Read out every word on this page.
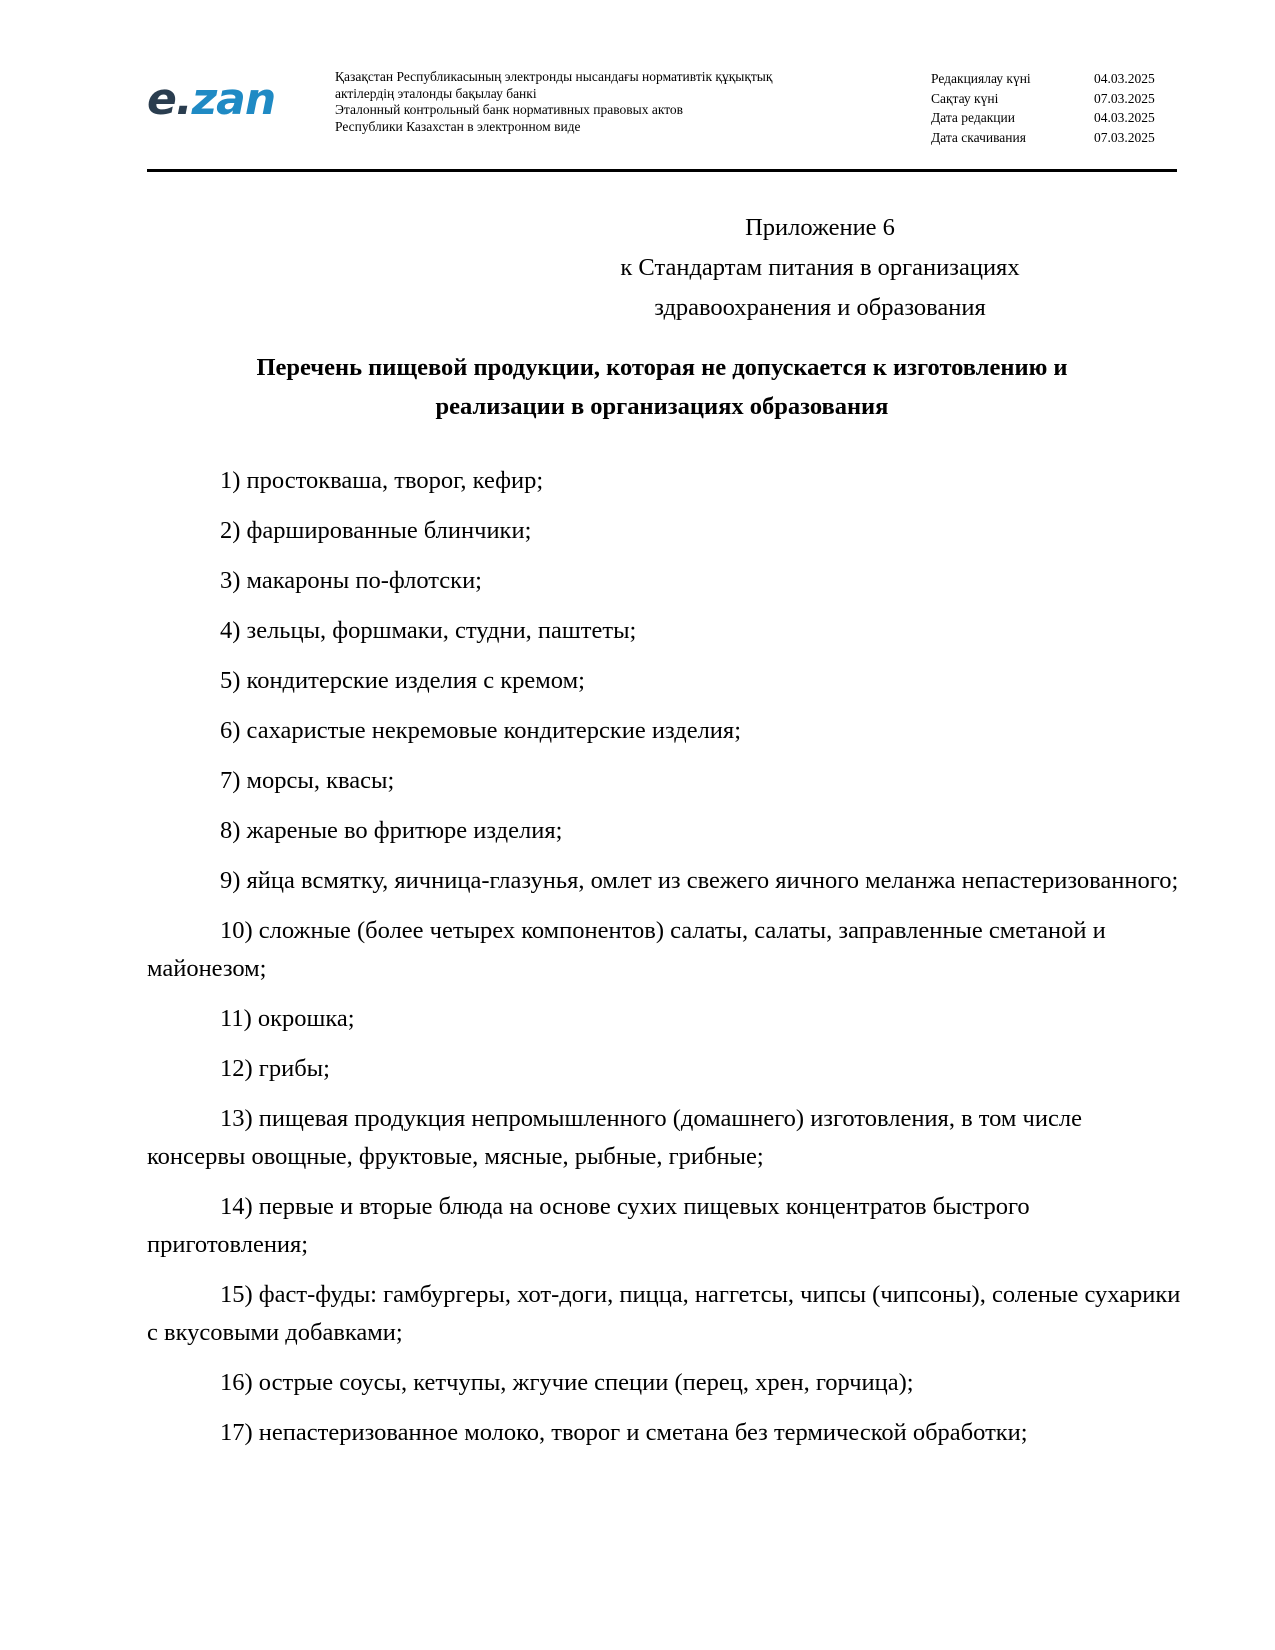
e.zan	Қазақстан Республикасының электронды нысандағы нормативтік құқықтық
актілердің эталонды бақылау банкі
Эталонный контрольный банк нормативных правовых актов
Республики Казахстан в электронном виде
Редакциялау күні	04.03.2025
Сақтау күні	07.03.2025
Дата редакции	04.03.2025
Дата скачивания	07.03.2025
Приложение 6
к Стандартам питания в организациях
здравоохранения и образования
Перечень пищевой продукции, которая не допускается к изготовлению и
реализации в организациях образования
1) простокваша, творог, кефир;
2) фаршированные блинчики;
3) макароны по-флотски;
4) зельцы, форшмаки, студни, паштеты;
5) кондитерские изделия с кремом;
6) сахаристые некремовые кондитерские изделия;
7) морсы, квасы;
8) жареные во фритюре изделия;
9) яйца всмятку, яичница-глазунья, омлет из свежего яичного меланжа непастеризованного;
10) сложные (более четырех компонентов) салаты, салаты, заправленные сметаной и майонезом;
11) окрошка;
12) грибы;
13) пищевая продукция непромышленного (домашнего) изготовления, в том числе консервы овощные, фруктовые, мясные, рыбные, грибные;
14) первые и вторые блюда на основе сухих пищевых концентратов быстрого приготовления;
15) фаст-фуды: гамбургеры, хот-доги, пицца, наггетсы, чипсы (чипсоны), соленые сухарики с вкусовыми добавками;
16) острые соусы, кетчупы, жгучие специи (перец, хрен, горчица);
17) непастеризованное молоко, творог и сметана без термической обработки;
